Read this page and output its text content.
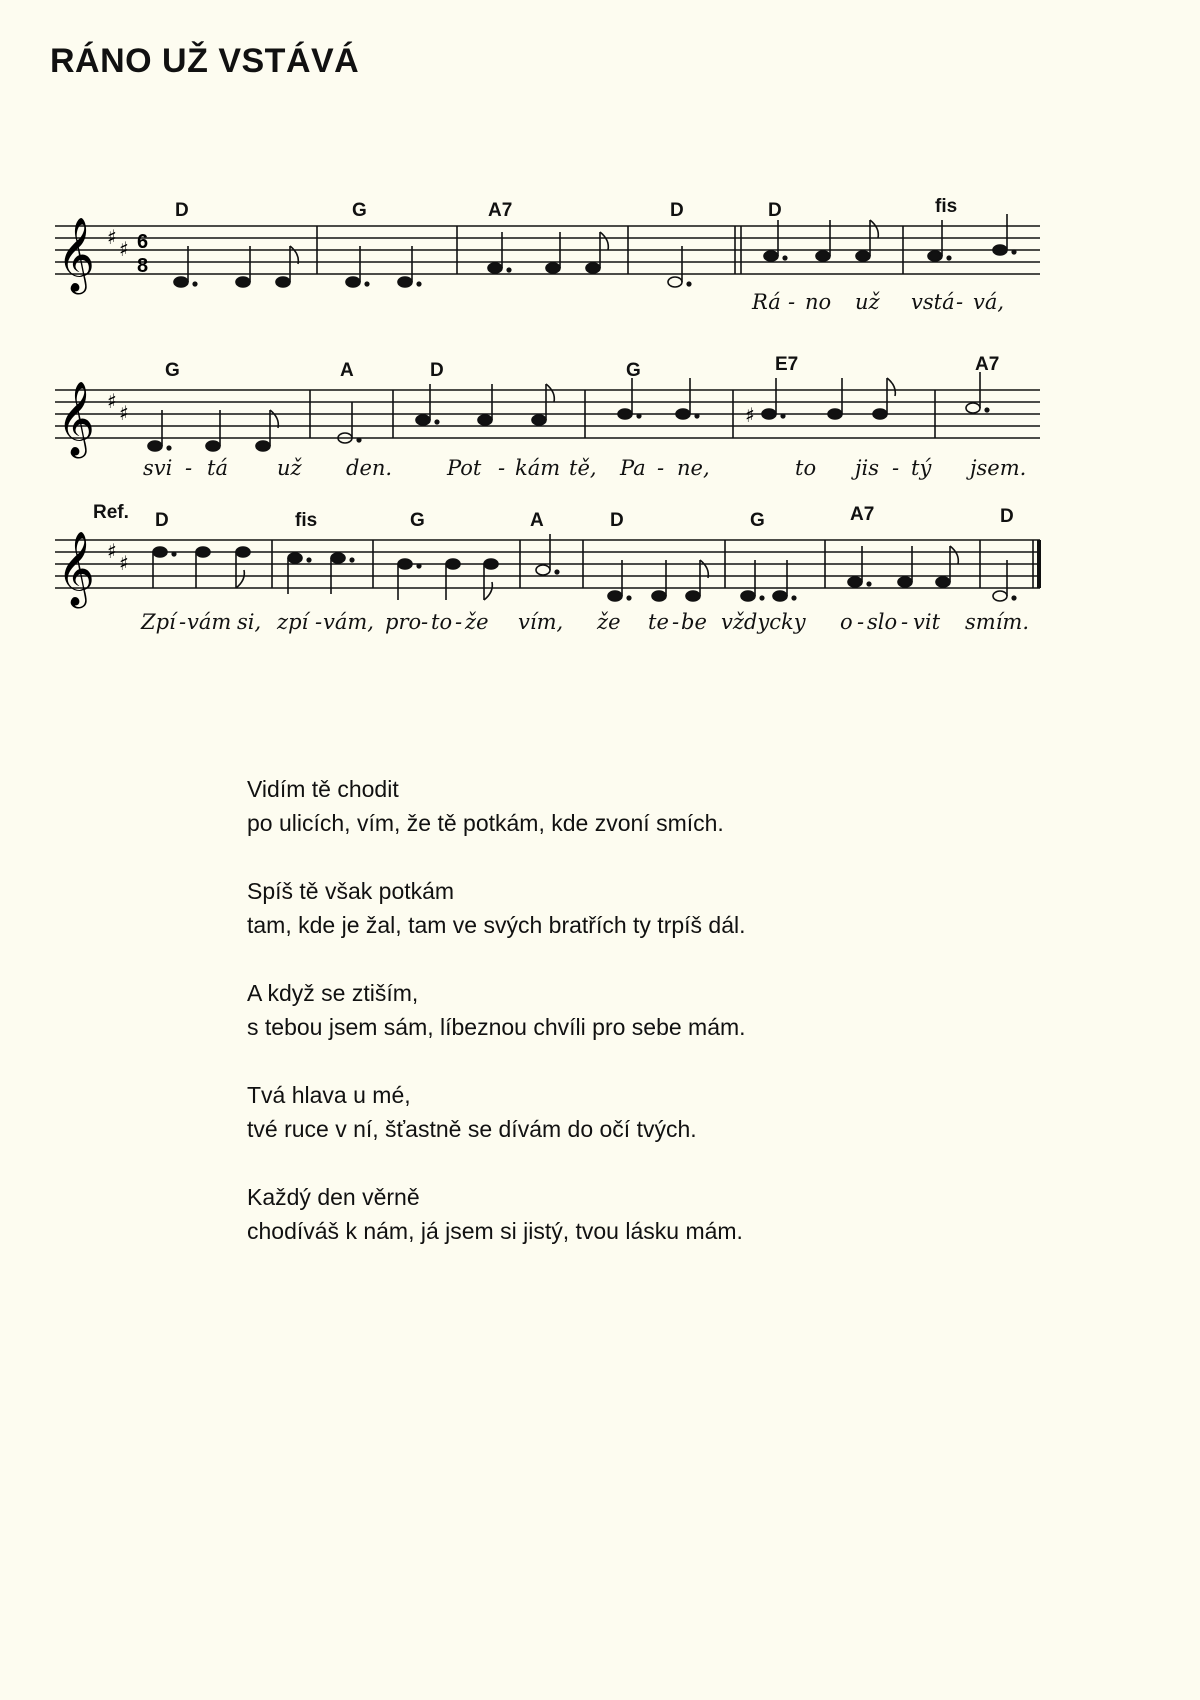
RÁNO UŽ VSTÁVÁ
D	G	A7	D	D	fis
𝄞 ♯ ♯ 6
8
Rá - no už vstá - vá,
G	A	D	G	E7	A7
𝄞 ♯ ♯	♯
svi - tá už den.	Pot - kám tě, Pa - ne,	to jis - tý jsem.
Ref. D	fis	G	A	D	G	A7	D
𝄞 ♯ ♯
Zpí - vám si, zpí - vám, pro - to - že vím, že te - be vždycky o - slo - vit smím.

Vidím tě chodit

po ulicích, vím, že tě potkám, kde zvoní smích.

Spíš tě však potkám

tam, kde je žal, tam ve svých bratřích ty trpíš dál.

A když se ztiším,

s tebou jsem sám, líbeznou chvíli pro sebe mám.

Tvá hlava u mé,

tvé ruce v ní, šťastně se dívám do očí tvých.

Každý den věrně

chodíváš k nám, já jsem si jistý, tvou lásku mám.
